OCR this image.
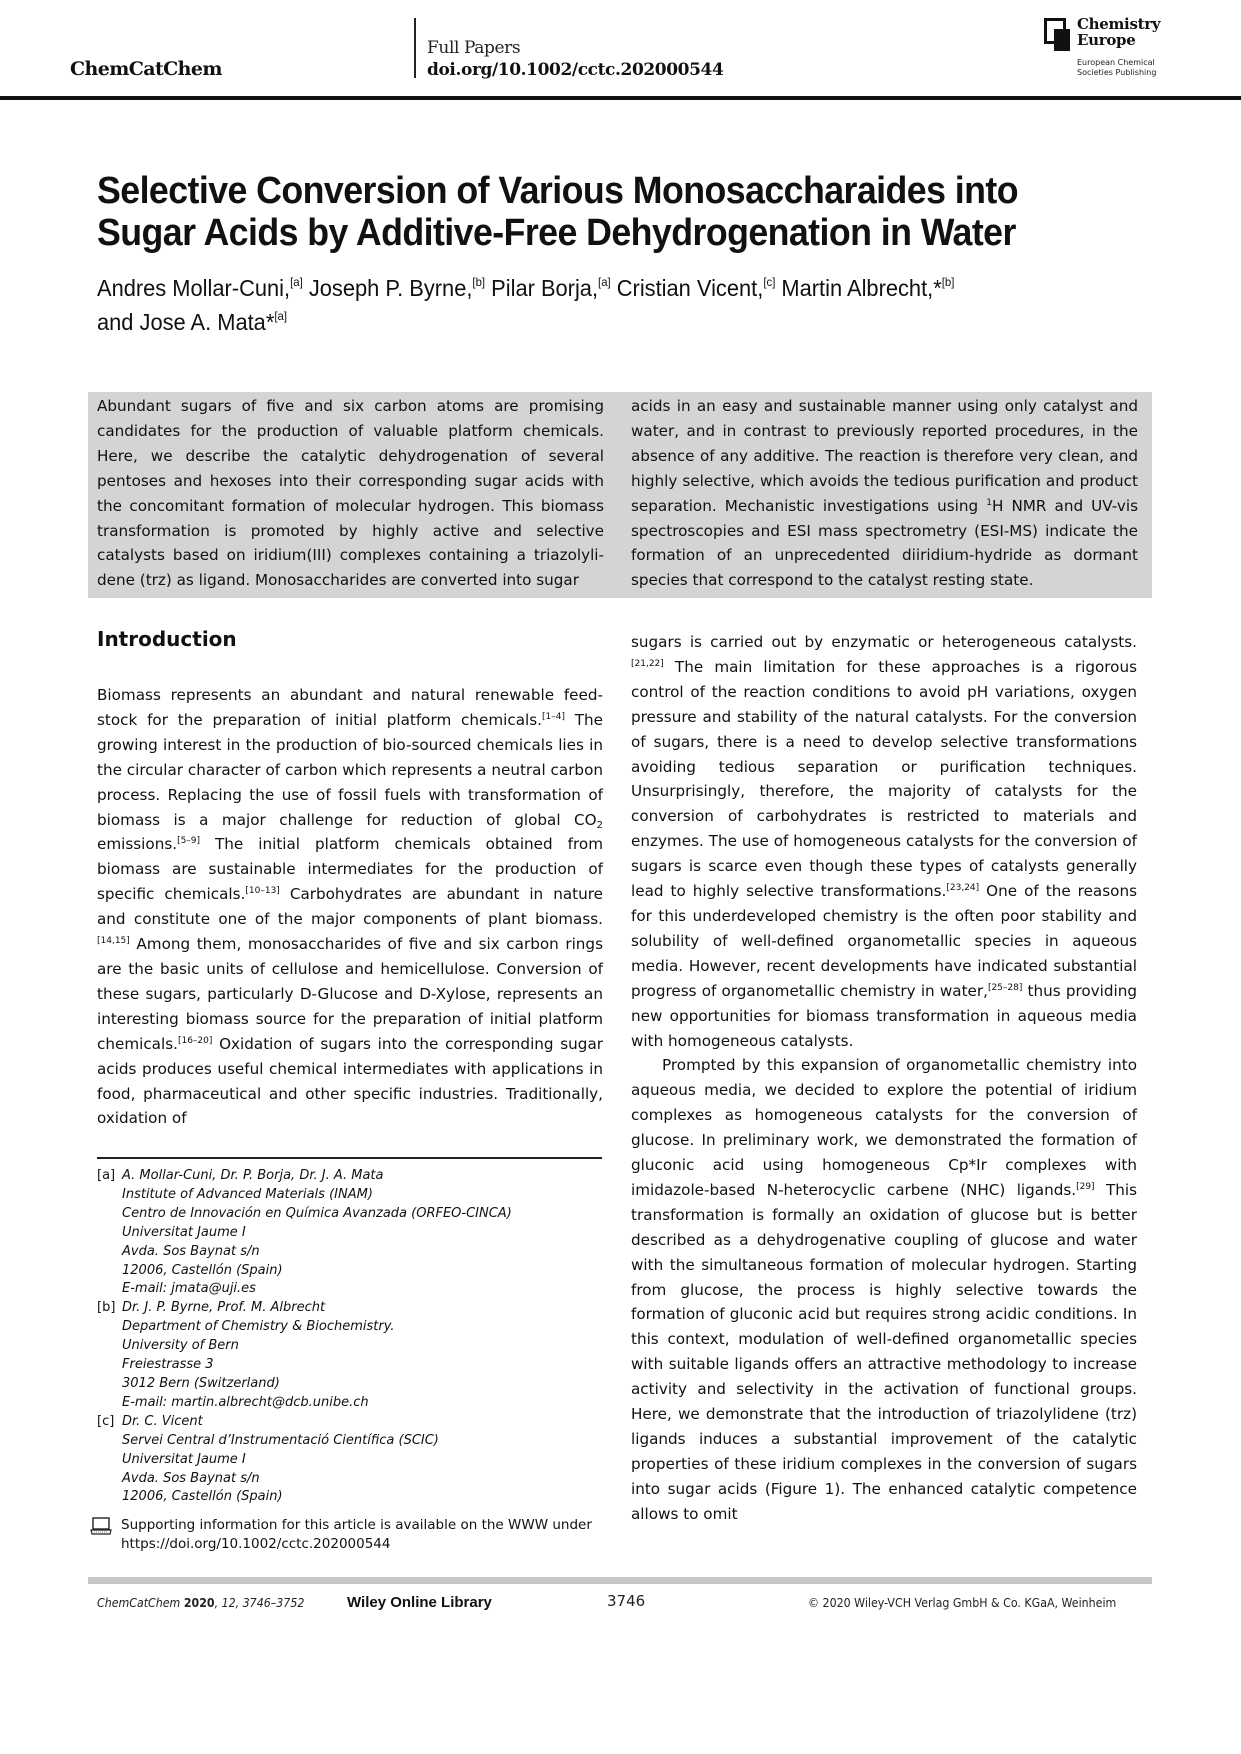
ChemCatChem
Full Papers
doi.org/10.1002/cctc.202000544
Chemistry
Europe
European Chemical
Societies Publishing
Selective Conversion of Various Monosaccharaides into Sugar Acids by Additive-Free Dehydrogenation in Water
Andres Mollar-Cuni,[a] Joseph P. Byrne,[b] Pilar Borja,[a] Cristian Vicent,[c] Martin Albrecht,*[b]
and Jose A. Mata*[a]
Abundant sugars of five and six carbon atoms are promising candidates for the production of valuable platform chemicals. Here, we describe the catalytic dehydrogenation of several pentoses and hexoses into their corresponding sugar acids with the concomitant formation of molecular hydrogen. This biomass transformation is promoted by highly active and selective catalysts based on iridium(III) complexes containing a triazolylidene (trz) as ligand. Monosaccharides are converted into sugar
acids in an easy and sustainable manner using only catalyst and water, and in contrast to previously reported procedures, in the absence of any additive. The reaction is therefore very clean, and highly selective, which avoids the tedious purification and product separation. Mechanistic investigations using $^1$H NMR and UV-vis spectroscopies and ESI mass spectrometry (ESI-MS) indicate the formation of an unprecedented diiridium-hydride as dormant species that correspond to the catalyst resting state.
Introduction

Biomass represents an abundant and natural renewable feedstock for the preparation of initial platform chemicals.[1–4] The growing interest in the production of bio-sourced chemicals lies in the circular character of carbon which represents a neutral carbon process. Replacing the use of fossil fuels with transformation of biomass is a major challenge for reduction of global $CO_2$ emissions.[5–9] The initial platform chemicals obtained from biomass are sustainable intermediates for the production of specific chemicals.[10–13] Carbohydrates are abundant in nature and constitute one of the major components of plant biomass.[14,15] Among them, monosaccharides of five and six carbon rings are the basic units of cellulose and hemicellulose. Conversion of these sugars, particularly D-Glucose and D-Xylose, represents an interesting biomass source for the preparation of initial platform chemicals.[16–20] Oxidation of sugars into the corresponding sugar acids produces useful chemical intermediates with applications in food, pharmaceutical and other specific industries. Traditionally, oxidation of

sugars is carried out by enzymatic or heterogeneous catalysts.[21,22] The main limitation for these approaches is a rigorous control of the reaction conditions to avoid pH variations, oxygen pressure and stability of the natural catalysts. For the conversion of sugars, there is a need to develop selective transformations avoiding tedious separation or purification techniques. Unsurprisingly, therefore, the majority of catalysts for the conversion of carbohydrates is restricted to materials and enzymes. The use of homogeneous catalysts for the conversion of sugars is scarce even though these types of catalysts generally lead to highly selective transformations.[23,24] One of the reasons for this underdeveloped chemistry is the often poor stability and solubility of well-defined organometallic species in aqueous media. However, recent developments have indicated substantial progress of organometallic chemistry in water,[25–28] thus providing new opportunities for biomass transformation in aqueous media with homogeneous catalysts.

Prompted by this expansion of organometallic chemistry into aqueous media, we decided to explore the potential of iridium complexes as homogeneous catalysts for the conversion of glucose. In preliminary work, we demonstrated the formation of gluconic acid using homogeneous Cp*Ir complexes with imidazole-based N-heterocyclic carbene (NHC) ligands.[29] This transformation is formally an oxidation of glucose but is better described as a dehydrogenative coupling of glucose and water with the simultaneous formation of molecular hydrogen. Starting from glucose, the process is highly selective towards the formation of gluconic acid but requires strong acidic conditions. In this context, modulation of well-defined organometallic species with suitable ligands offers an attractive methodology to increase activity and selectivity in the activation of functional groups. Here, we demonstrate that the introduction of triazolylidene (trz) ligands induces a substantial improvement of the catalytic properties of these iridium complexes in the conversion of sugars into sugar acids (Figure 1). The enhanced catalytic competence allows to omit

[a] A. Mollar-Cuni, Dr. P. Borja, Dr. J. A. Mata
Institute of Advanced Materials (INAM)
Centro de Innovación en Química Avanzada (ORFEO-CINCA)
Universitat Jaume I
Avda. Sos Baynat s/n
12006, Castellón (Spain)
E-mail: jmata@uji.es
[b] Dr. J. P. Byrne, Prof. M. Albrecht
Department of Chemistry & Biochemistry.
University of Bern
Freiestrasse 3
3012 Bern (Switzerland)
E-mail: martin.albrecht@dcb.unibe.ch
[c] Dr. C. Vicent
Servei Central d’Instrumentació Científica (SCIC)
Universitat Jaume I
Avda. Sos Baynat s/n
12006, Castellón (Spain)
Supporting information for this article is available on the WWW under
https://doi.org/10.1002/cctc.202000544
ChemCatChem 2020, 12, 3746–3752	Wiley Online Library	3746	© 2020 Wiley-VCH Verlag GmbH & Co. KGaA, Weinheim
